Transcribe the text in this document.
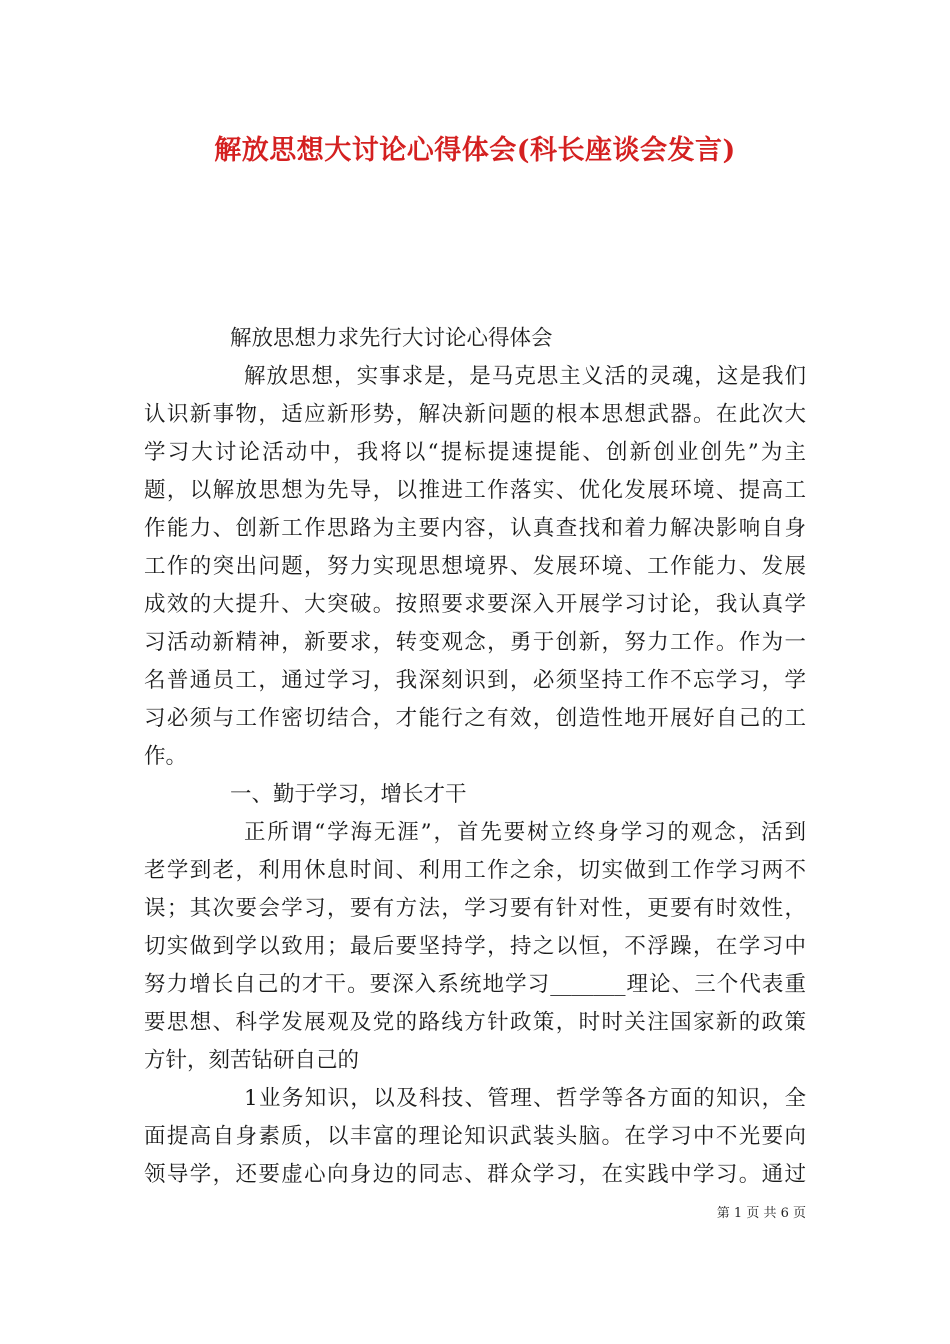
解放思想大讨论心得体会(科长座谈会发言)
解放思想力求先行大讨论心得体会
解放思想，实事求是，是马克思主义活的灵魂，这是我们
认识新事物，适应新形势，解决新问题的根本思想武器。在此次大
学习大讨论活动中，我将以“提标提速提能、创新创业创先”为主
题，以解放思想为先导，以推进工作落实、优化发展环境、提高工
作能力、创新工作思路为主要内容，认真查找和着力解决影响自身
工作的突出问题，努力实现思想境界、发展环境、工作能力、发展
成效的大提升、大突破。按照要求要深入开展学习讨论，我认真学
习活动新精神，新要求，转变观念，勇于创新，努力工作。作为一
名普通员工，通过学习，我深刻识到，必须坚持工作不忘学习，学
习必须与工作密切结合，才能行之有效，创造性地开展好自己的工
作。
一、勤于学习，增长才干
正所谓“学海无涯”，首先要树立终身学习的观念，活到
老学到老，利用休息时间、利用工作之余，切实做到工作学习两不
误；其次要会学习，要有方法，学习要有针对性，更要有时效性，
切实做到学以致用；最后要坚持学，持之以恒，不浮躁，在学习中
努力增长自己的才干。要深入系统地学习_______理论、三个代表重
要思想、科学发展观及党的路线方针政策，时时关注国家新的政策
方针，刻苦钻研自己的
1业务知识，以及科技、管理、哲学等各方面的知识，全
面提高自身素质，以丰富的理论知识武装头脑。在学习中不光要向
领导学，还要虚心向身边的同志、群众学习，在实践中学习。通过
第 1 页 共 6 页
